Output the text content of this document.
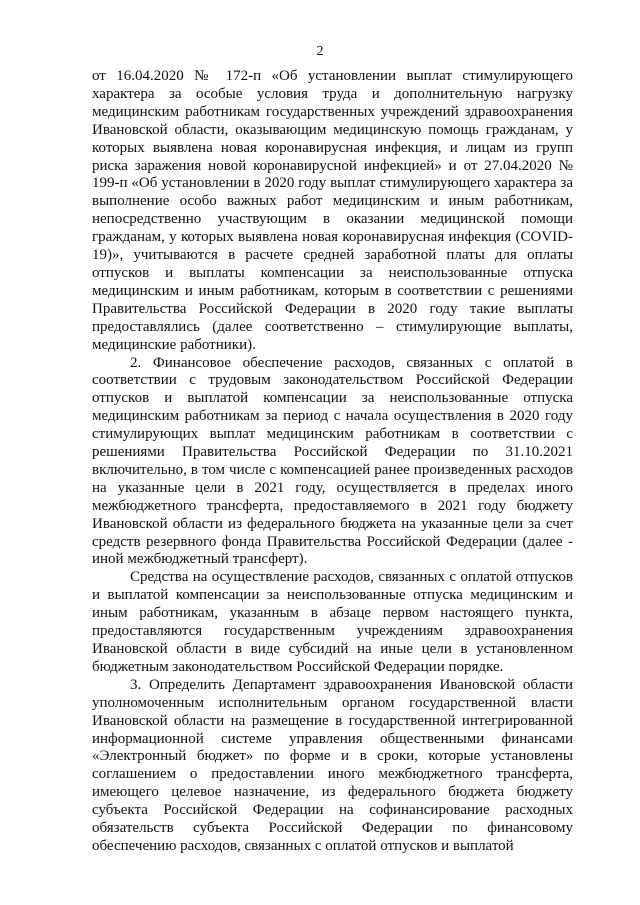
2

от 16.04.2020 № 172-п «Об установлении выплат стимулирующего характера за особые условия труда и дополнительную нагрузку медицинским работникам государственных учреждений здравоохранения Ивановской области, оказывающим медицинскую помощь гражданам, у которых выявлена новая коронавирусная инфекция, и лицам из групп риска заражения новой коронавирусной инфекцией» и от 27.04.2020 № 199-п «Об установлении в 2020 году выплат стимулирующего характера за выполнение особо важных работ медицинским и иным работникам, непосредственно участвующим в оказании медицинской помощи гражданам, у которых выявлена новая коронавирусная инфекция (COVID-19)», учитываются в расчете средней заработной платы для оплаты отпусков и выплаты компенсации за неиспользованные отпуска медицинским и иным работникам, которым в соответствии с решениями Правительства Российской Федерации в 2020 году такие выплаты предоставлялись (далее соответственно – стимулирующие выплаты, медицинские работники).

2. Финансовое обеспечение расходов, связанных с оплатой в соответствии с трудовым законодательством Российской Федерации отпусков и выплатой компенсации за неиспользованные отпуска медицинским работникам за период с начала осуществления в 2020 году стимулирующих выплат медицинским работникам в соответствии с решениями Правительства Российской Федерации по 31.10.2021 включительно, в том числе с компенсацией ранее произведенных расходов на указанные цели в 2021 году, осуществляется в пределах иного межбюджетного трансферта, предоставляемого в 2021 году бюджету Ивановской области из федерального бюджета на указанные цели за счет средств резервного фонда Правительства Российской Федерации (далее - иной межбюджетный трансферт).

Средства на осуществление расходов, связанных с оплатой отпусков и выплатой компенсации за неиспользованные отпуска медицинским и иным работникам, указанным в абзаце первом настоящего пункта, предоставляются государственным учреждениям здравоохранения Ивановской области в виде субсидий на иные цели в установленном бюджетным законодательством Российской Федерации порядке.

3. Определить Департамент здравоохранения Ивановской области уполномоченным исполнительным органом государственной власти Ивановской области на размещение в государственной интегрированной информационной системе управления общественными финансами «Электронный бюджет» по форме и в сроки, которые установлены соглашением о предоставлении иного межбюджетного трансферта, имеющего целевое назначение, из федерального бюджета бюджету субъекта Российской Федерации на софинансирование расходных обязательств субъекта Российской Федерации по финансовому обеспечению расходов, связанных с оплатой отпусков и выплатой
